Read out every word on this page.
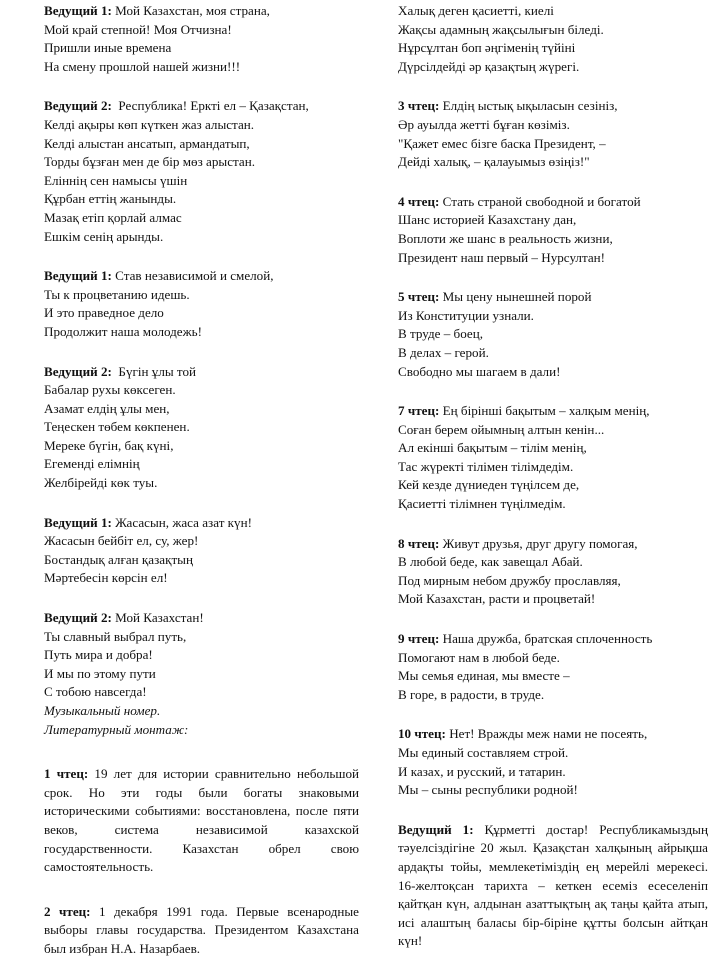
Ведущий 1: Мой Казахстан, моя страна,
Мой край степной! Моя Отчизна!
Пришли иные времена
На смену прошлой нашей жизни!!!
Ведущий 2: Республика! Еркті ел – Қазақстан,
Келді ақыры көп күткен жаз алыстан.
Келді алыстан ансатып, армандатып,
Торды бұзған мен де бір мөз арыстан.
Еліннің сен намысы үшін
Құрбан еттің жанынды.
Мазақ етіп қорлай алмас
Ешкім сенің арынды.
Ведущий 1: Став независимой и смелой,
Ты к процветанию идешь.
И это праведное дело
Продолжит наша молодежь!
Ведущий 2: Бүгін ұлы той
Бабалар рухы көксеген.
Азамат елдің ұлы мен,
Теңескен төбем көкпенен.
Мереке бүгін, бақ күні,
Егеменді елімнің
Желбірейді көк туы.
Ведущий 1: Жасасын, жаса азат күн!
Жасасын бейбіт ел, су, жер!
Бостандық алған қазақтың
Мәртебесін көрсін ел!
Ведущий 2: Мой Казахстан!
Ты славный выбрал путь,
Путь мира и добра!
И мы по этому пути
С тобою навсегда!
Музыкальный номер.
Литературный монтаж:
1 чтец: 19 лет для истории сравнительно небольшой срок. Но эти годы были богаты знаковыми историческими событиями: восстановлена, после пяти веков, система независимой казахской государственности. Казахстан обрел свою самостоятельность.
2 чтец: 1 декабря 1991 года. Первые всенародные выборы главы государства. Президентом Казахстана был избран Н.А. Назарбаев.
Халық деген қасиетті, киелі
Жақсы адамның жақсылығын біледі.
Нұрсұлтан боп әңгіменің түйіні
Дүрсілдейді әр қазақтың жүрегі.
3 чтец: Елдің ыстық ықыласын сезініз,
Әр ауылда жетті бұған көзіміз.
"Қажет емес бізге баска Президент, –
Дейді халық, – қалауымыз өзіңіз!"
4 чтец: Стать страной свободной и богатой
Шанс историей Казахстану дан,
Воплоти же шанс в реальность жизни,
Президент наш первый – Нурсултан!
5 чтец: Мы цену нынешней порой
Из Конституции узнали.
В труде – боец,
В делах – герой.
Свободно мы шагаем в дали!
7 чтец: Ең бірінші бақытым – халқым менің,
Соған берем ойымның алтын кенін...
Ал екінші бақытым – тілім менің,
Тас жүректі тілімен тілімдедім.
Кей кезде дүниеден түңілсем де,
Қасиетті тілімнен түңілмедім.
8 чтец: Живут друзья, друг другу помогая,
В любой беде, как завещал Абай.
Под мирным небом дружбу прославляя,
Мой Казахстан, расти и процветай!
9 чтец: Наша дружба, братская сплоченность
Помогают нам в любой беде.
Мы семья единая, мы вместе –
В горе, в радости, в труде.
10 чтец: Нет! Вражды меж нами не посеять,
Мы единый составляем строй.
И казах, и русский, и татарин.
Мы – сыны республики родной!
Ведущий 1: Құрметті достар! Республикамыздың тәуелсіздігіне 20 жыл. Қазақстан халқының айрықша ардақты тойы, мемлекетіміздің ең мерейлі мерекесі. 16-желтоқсан тарихта – кеткен есеміз есеселеніп қайтқан күн, алдынан азаттықтың ақ таңы қайта атып, исі алаштың баласы бір-біріне құтты болсын айтқан күн!
